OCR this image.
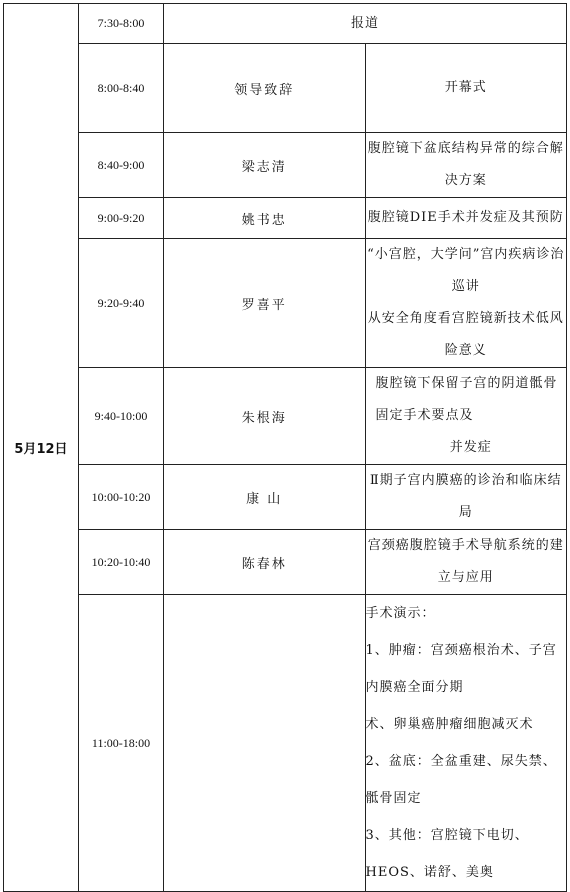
5月12日	7:30-8:00	报道	

	8:00-8:40	领导致辞	开幕式

	8:40-9:00	梁志清	腹腔镜下盆底结构异常的综合解决方案

	9:00-9:20	姚书忠	腹腔镜DIE手术并发症及其预防

	9:20-9:40	罗喜平	“小宫腔，大学问”宫内疾病诊治巡讲
从安全角度看宫腔镜新技术低风险意义

	9:40-10:00	朱根海	腹腔镜下保留子宫的阴道骶骨固定手术要点及
并发症

	10:00-10:20	康 山	Ⅱ期子宫内膜癌的诊治和临床结局

	10:20-10:40	陈春林	宫颈癌腹腔镜手术导航系统的建立与应用

	11:00-18:00		手术演示：
1、肿瘤：宫颈癌根治术、子宫内膜癌全面分期
术、卵巢癌肿瘤细胞减灭术
2、盆底：全盆重建、尿失禁、骶骨固定
3、其他：宫腔镜下电切、HEOS、诺舒、美奥
